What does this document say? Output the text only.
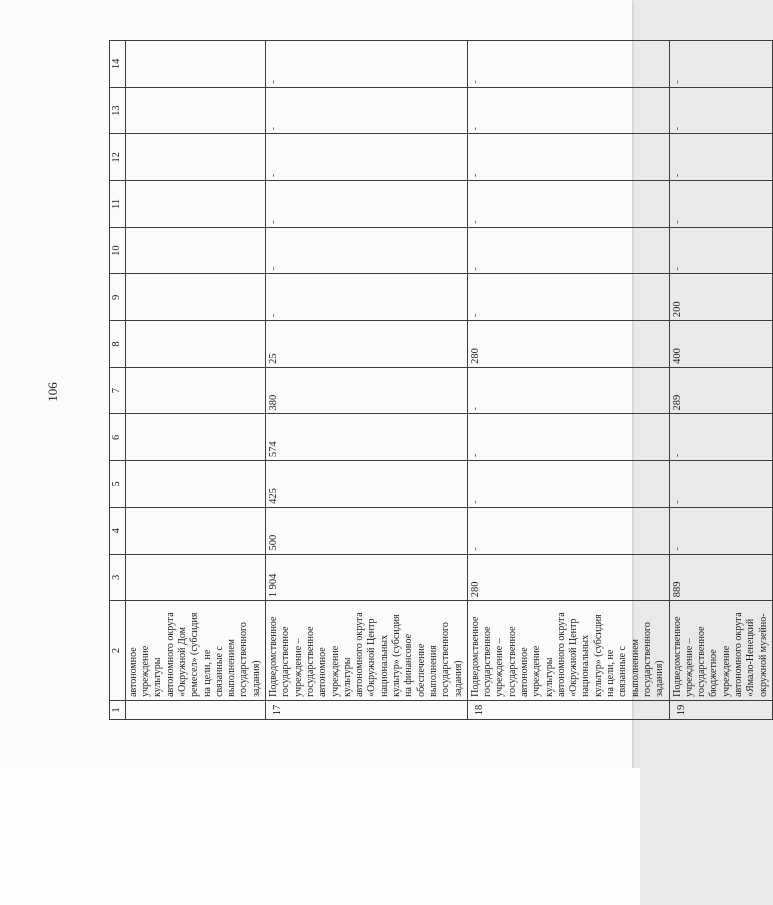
106
1	2	3	4	5	6	7	8	9	10	11	12	13	14
	автономное учреждение культуры автономного округа «Окружной Дом ремесел» (субсидия на цели, не связанные с выполнением государственного задания)												
17	Подведомственное государственное учреждение – государственное автономное учреждение культуры автономного округа «Окружной Центр национальных культур» (субсидия на финансовое обеспечение выполнения государственного задания)	1 904	500	425	574	380	25	-	-	-	-	-	-
18	Подведомственное государственное учреждение – государственное автономное учреждение культуры автономного округа «Окружной Центр национальных культур» (субсидия на цели, не связанные с выполнением государственного задания)	280	-	-	-	-	280	-	-	-	-	-	-
19	Подведомственное учреждение – государственное бюджетное учреждение автономного округа «Ямало-Ненецкий окружной музейно-	889	-	-	-	289	400	200	-	-	-	-	-
